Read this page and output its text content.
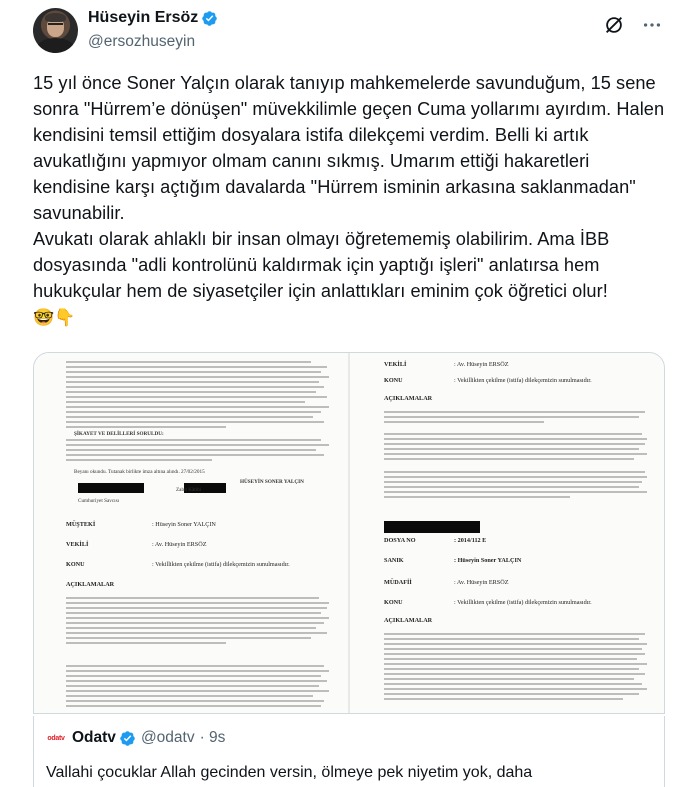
Hüseyin Ersöz
@ersozhuseyin
15 yıl önce Soner Yalçın olarak tanıyıp mahkemelerde savunduğum, 15 sene sonra "Hürrem’e dönüşen" müvekkilimle geçen Cuma yollarımı ayırdım. Halen kendisini temsil ettiğim dosyalara istifa dilekçemi verdim. Belli ki artık avukatlığını yapmıyor olmam canını sıkmış. Umarım ettiği hakaretleri kendisine karşı açtığım davalarda "Hürrem isminin arkasına saklanmadan" savunabilir.
Avukatı olarak ahlaklı bir insan olmayı öğretememiş olabilirim. Ama İBB dosyasında "adli kontrolünü kaldırmak için yaptığı işleri" anlatırsa hem hukukçular hem de siyasetçiler için anlattıkları eminim çok öğretici olur!
🤓👇
ŞİKAYET VE DELİLLERİ SORULDU:
Beyanı okundu. Tutanak birlikte imza altına alındı. 27/02/2015
Cumhuriyet Savcısı
Zabıt Kâtibi
HÜSEYİN SONER YALÇIN
MÜŞTEKİ	: Hüseyin Soner YALÇIN
VEKİLİ	: Av. Hüseyin ERSÖZ
KONU	: Vekillikten çekilme (istifa) dilekçemizin sunulmasıdır.
AÇIKLAMALAR
VEKİLİ	: Av. Hüseyin ERSÖZ
KONU	: Vekillikten çekilme (istifa) dilekçemizin sunulmasıdır.
AÇIKLAMALAR
DOSYA NO	: 2014/112 E
SANIK	: Hüseyin Soner YALÇIN
MÜDAFİİ	: Av. Hüseyin ERSÖZ
KONU	: Vekillikten çekilme (istifa) dilekçemizin sunulmasıdır.
AÇIKLAMALAR
odatv Odatv @odatv · 9s
Vallahi çocuklar Allah gecinden versin, ölmeye pek niyetim yok, daha
